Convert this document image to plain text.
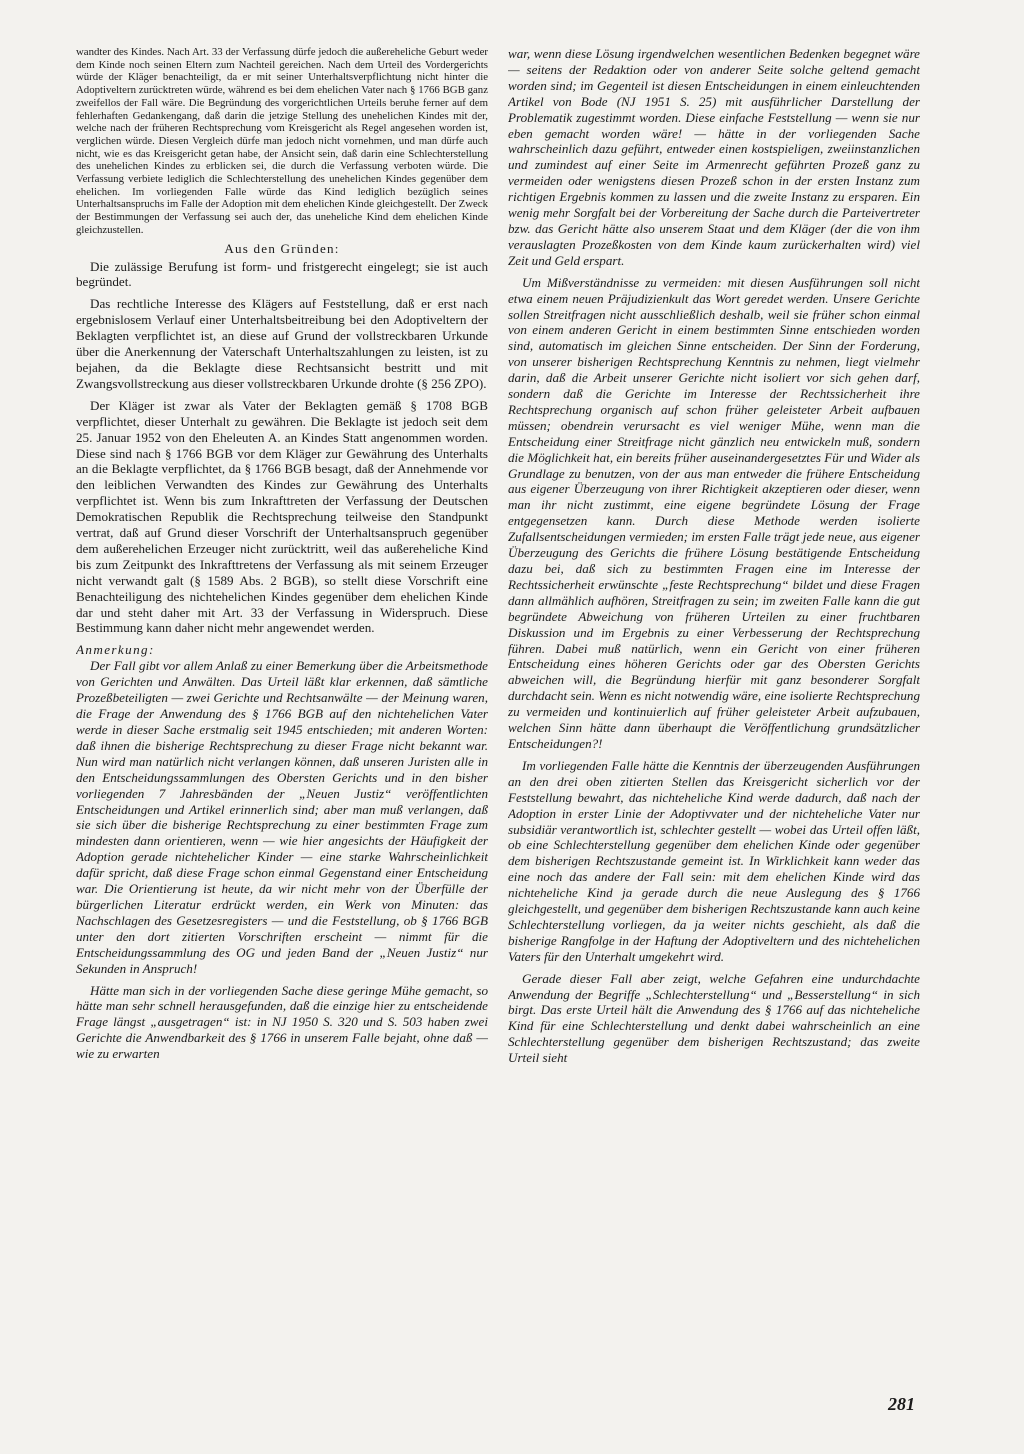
wandter des Kindes. Nach Art. 33 der Verfassung dürfe jedoch die außereheliche Geburt weder dem Kinde noch seinen Eltern zum Nachteil gereichen. Nach dem Urteil des Vordergerichts würde der Kläger benachteiligt, da er mit seiner Unterhaltsverpflichtung nicht hinter die Adoptiveltern zurücktreten würde, während es bei dem ehelichen Vater nach § 1766 BGB ganz zweifellos der Fall wäre. Die Begründung des vorgerichtlichen Urteils beruhe ferner auf dem fehlerhaften Gedankengang, daß darin die jetzige Stellung des unehelichen Kindes mit der, welche nach der früheren Rechtsprechung vom Kreisgericht als Regel angesehen worden ist, verglichen würde. Diesen Vergleich dürfe man jedoch nicht vornehmen, und man dürfe auch nicht, wie es das Kreisgericht getan habe, der Ansicht sein, daß darin eine Schlechterstellung des unehelichen Kindes zu erblicken sei, die durch die Verfassung verboten würde. Die Verfassung verbiete lediglich die Schlechterstellung des unehelichen Kindes gegenüber dem ehelichen. Im vorliegenden Falle würde das Kind lediglich bezüglich seines Unterhaltsanspruchs im Falle der Adoption mit dem ehelichen Kinde gleichgestellt. Der Zweck der Bestimmungen der Verfassung sei auch der, das uneheliche Kind dem ehelichen Kinde gleichzustellen.

Aus den Gründen:

Die zulässige Berufung ist form- und fristgerecht eingelegt; sie ist auch begründet.

Das rechtliche Interesse des Klägers auf Feststellung, daß er erst nach ergebnislosem Verlauf einer Unterhaltsbeitreibung bei den Adoptiveltern der Beklagten verpflichtet ist, an diese auf Grund der vollstreckbaren Urkunde über die Anerkennung der Vaterschaft Unterhaltszahlungen zu leisten, ist zu bejahen, da die Beklagte diese Rechtsansicht bestritt und mit Zwangsvollstreckung aus dieser vollstreckbaren Urkunde drohte (§ 256 ZPO).

Der Kläger ist zwar als Vater der Beklagten gemäß § 1708 BGB verpflichtet, dieser Unterhalt zu gewähren. Die Beklagte ist jedoch seit dem 25. Januar 1952 von den Eheleuten A. an Kindes Statt angenommen worden. Diese sind nach § 1766 BGB vor dem Kläger zur Gewährung des Unterhalts an die Beklagte verpflichtet, da § 1766 BGB besagt, daß der Annehmende vor den leiblichen Verwandten des Kindes zur Gewährung des Unterhalts verpflichtet ist. Wenn bis zum Inkrafttreten der Verfassung der Deutschen Demokratischen Republik die Rechtsprechung teilweise den Standpunkt vertrat, daß auf Grund dieser Vorschrift der Unterhaltsanspruch gegenüber dem außerehelichen Erzeuger nicht zurücktritt, weil das außereheliche Kind bis zum Zeitpunkt des Inkrafttretens der Verfassung als mit seinem Erzeuger nicht verwandt galt (§ 1589 Abs. 2 BGB), so stellt diese Vorschrift eine Benachteiligung des nichtehelichen Kindes gegenüber dem ehelichen Kinde dar und steht daher mit Art. 33 der Verfassung in Widerspruch. Diese Bestimmung kann daher nicht mehr angewendet werden.

Anmerkung:

Der Fall gibt vor allem Anlaß zu einer Bemerkung über die Arbeitsmethode von Gerichten und Anwälten. Das Urteil läßt klar erkennen, daß sämtliche Prozeßbeteiligten — zwei Gerichte und Rechtsanwälte — der Meinung waren, die Frage der Anwendung des § 1766 BGB auf den nichtehelichen Vater werde in dieser Sache erstmalig seit 1945 entschieden; mit anderen Worten: daß ihnen die bisherige Rechtsprechung zu dieser Frage nicht bekannt war. Nun wird man natürlich nicht verlangen können, daß unseren Juristen alle in den Entscheidungssammlungen des Obersten Gerichts und in den bisher vorliegenden 7 Jahresbänden der „Neuen Justiz“ veröffentlichten Entscheidungen und Artikel erinnerlich sind; aber man muß verlangen, daß sie sich über die bisherige Rechtsprechung zu einer bestimmten Frage zum mindesten dann orientieren, wenn — wie hier angesichts der Häufigkeit der Adoption gerade nichtehelicher Kinder — eine starke Wahrscheinlichkeit dafür spricht, daß diese Frage schon einmal Gegenstand einer Entscheidung war. Die Orientierung ist heute, da wir nicht mehr von der Überfülle der bürgerlichen Literatur erdrückt werden, ein Werk von Minuten: das Nachschlagen des Gesetzesregisters — und die Feststellung, ob § 1766 BGB unter den dort zitierten Vorschriften erscheint — nimmt für die Entscheidungssammlung des OG und jeden Band der „Neuen Justiz“ nur Sekunden in Anspruch!

Hätte man sich in der vorliegenden Sache diese geringe Mühe gemacht, so hätte man sehr schnell herausgefunden, daß die einzige hier zu entscheidende Frage längst „ausgetragen“ ist: in NJ 1950 S. 320 und S. 503 haben zwei Gerichte die Anwendbarkeit des § 1766 in unserem Falle bejaht, ohne daß — wie zu erwarten

war, wenn diese Lösung irgendwelchen wesentlichen Bedenken begegnet wäre — seitens der Redaktion oder von anderer Seite solche geltend gemacht worden sind; im Gegenteil ist diesen Entscheidungen in einem einleuchtenden Artikel von Bode (NJ 1951 S. 25) mit ausführlicher Darstellung der Problematik zugestimmt worden. Diese einfache Feststellung — wenn sie nur eben gemacht worden wäre! — hätte in der vorliegenden Sache wahrscheinlich dazu geführt, entweder einen kostspieligen, zweiinstanzlichen und zumindest auf einer Seite im Armenrecht geführten Prozeß ganz zu vermeiden oder wenigstens diesen Prozeß schon in der ersten Instanz zum richtigen Ergebnis kommen zu lassen und die zweite Instanz zu ersparen. Ein wenig mehr Sorgfalt bei der Vorbereitung der Sache durch die Parteivertreter bzw. das Gericht hätte also unserem Staat und dem Kläger (der die von ihm verauslagten Prozeßkosten von dem Kinde kaum zurückerhalten wird) viel Zeit und Geld erspart.

Um Mißverständnisse zu vermeiden: mit diesen Ausführungen soll nicht etwa einem neuen Präjudizienkult das Wort geredet werden. Unsere Gerichte sollen Streitfragen nicht ausschließlich deshalb, weil sie früher schon einmal von einem anderen Gericht in einem bestimmten Sinne entschieden worden sind, automatisch im gleichen Sinne entscheiden. Der Sinn der Forderung, von unserer bisherigen Rechtsprechung Kenntnis zu nehmen, liegt vielmehr darin, daß die Arbeit unserer Gerichte nicht isoliert vor sich gehen darf, sondern daß die Gerichte im Interesse der Rechtssicherheit ihre Rechtsprechung organisch auf schon früher geleisteter Arbeit aufbauen müssen; obendrein verursacht es viel weniger Mühe, wenn man die Entscheidung einer Streitfrage nicht gänzlich neu entwickeln muß, sondern die Möglichkeit hat, ein bereits früher auseinandergesetztes Für und Wider als Grundlage zu benutzen, von der aus man entweder die frühere Entscheidung aus eigener Überzeugung von ihrer Richtigkeit akzeptieren oder dieser, wenn man ihr nicht zustimmt, eine eigene begründete Lösung der Frage entgegensetzen kann. Durch diese Methode werden isolierte Zufallsentscheidungen vermieden; im ersten Falle trägt jede neue, aus eigener Überzeugung des Gerichts die frühere Lösung bestätigende Entscheidung dazu bei, daß sich zu bestimmten Fragen eine im Interesse der Rechtssicherheit erwünschte „feste Rechtsprechung“ bildet und diese Fragen dann allmählich aufhören, Streitfragen zu sein; im zweiten Falle kann die gut begründete Abweichung von früheren Urteilen zu einer fruchtbaren Diskussion und im Ergebnis zu einer Verbesserung der Rechtsprechung führen. Dabei muß natürlich, wenn ein Gericht von einer früheren Entscheidung eines höheren Gerichts oder gar des Obersten Gerichts abweichen will, die Begründung hierfür mit ganz besonderer Sorgfalt durchdacht sein. Wenn es nicht notwendig wäre, eine isolierte Rechtsprechung zu vermeiden und kontinuierlich auf früher geleisteter Arbeit aufzubauen, welchen Sinn hätte dann überhaupt die Veröffentlichung grundsätzlicher Entscheidungen?!

Im vorliegenden Falle hätte die Kenntnis der überzeugenden Ausführungen an den drei oben zitierten Stellen das Kreisgericht sicherlich vor der Feststellung bewahrt, das nichteheliche Kind werde dadurch, daß nach der Adoption in erster Linie der Adoptivvater und der nichteheliche Vater nur subsidiär verantwortlich ist, schlechter gestellt — wobei das Urteil offen läßt, ob eine Schlechterstellung gegenüber dem ehelichen Kinde oder gegenüber dem bisherigen Rechtszustande gemeint ist. In Wirklichkeit kann weder das eine noch das andere der Fall sein: mit dem ehelichen Kinde wird das nichteheliche Kind ja gerade durch die neue Auslegung des § 1766 gleichgestellt, und gegenüber dem bisherigen Rechtszustande kann auch keine Schlechterstellung vorliegen, da ja weiter nichts geschieht, als daß die bisherige Rangfolge in der Haftung der Adoptiveltern und des nichtehelichen Vaters für den Unterhalt umgekehrt wird.

Gerade dieser Fall aber zeigt, welche Gefahren eine undurchdachte Anwendung der Begriffe „Schlechterstellung“ und „Besserstellung“ in sich birgt. Das erste Urteil hält die Anwendung des § 1766 auf das nichteheliche Kind für eine Schlechterstellung und denkt dabei wahrscheinlich an eine Schlechterstellung gegenüber dem bisherigen Rechtszustand; das zweite Urteil sieht

281
